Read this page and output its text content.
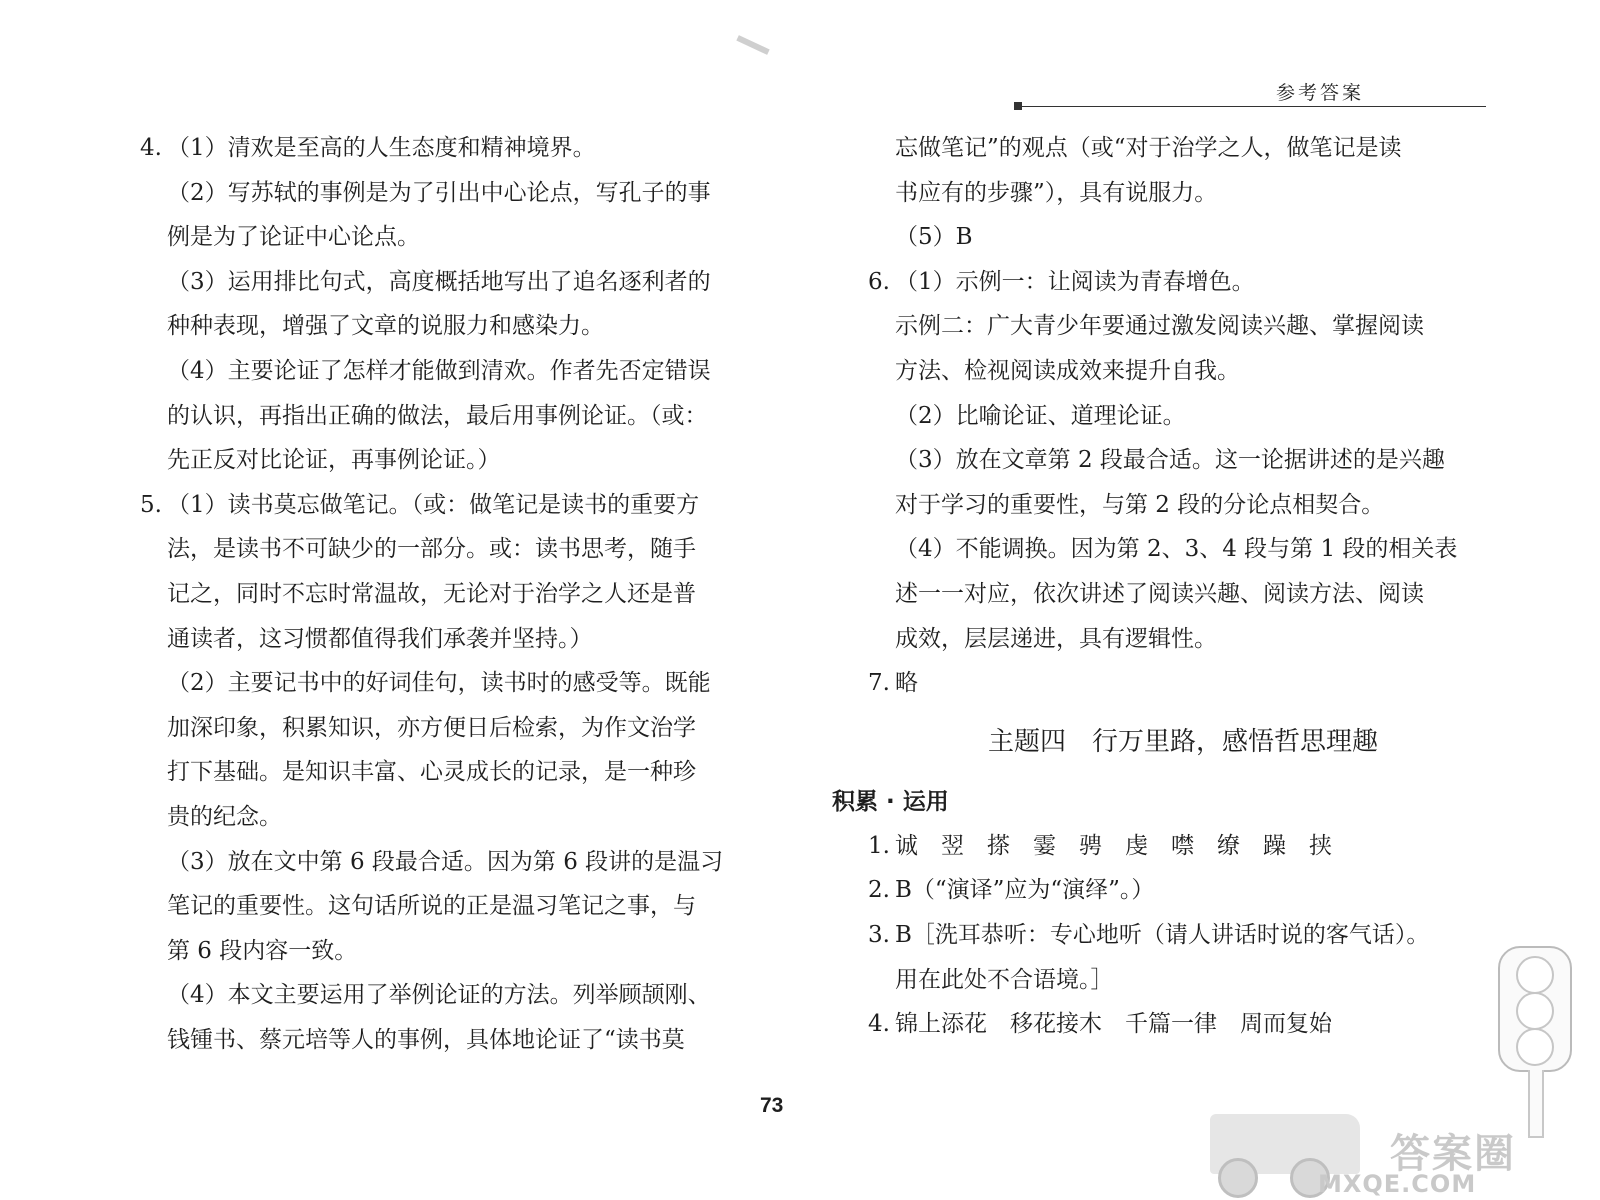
参考答案
4. （1）清欢是至高的人生态度和精神境界。
（2）写苏轼的事例是为了引出中心论点，写孔子的事
例是为了论证中心论点。
（3）运用排比句式，高度概括地写出了追名逐利者的
种种表现，增强了文章的说服力和感染力。
（4）主要论证了怎样才能做到清欢。作者先否定错误
的认识，再指出正确的做法，最后用事例论证。（或：
先正反对比论证，再事例论证。）
5. （1）读书莫忘做笔记。（或：做笔记是读书的重要方
法，是读书不可缺少的一部分。或：读书思考，随手
记之，同时不忘时常温故，无论对于治学之人还是普
通读者，这习惯都值得我们承袭并坚持。）
（2）主要记书中的好词佳句，读书时的感受等。既能
加深印象，积累知识，亦方便日后检索，为作文治学
打下基础。是知识丰富、心灵成长的记录，是一种珍
贵的纪念。
（3）放在文中第 6 段最合适。因为第 6 段讲的是温习
笔记的重要性。这句话所说的正是温习笔记之事，与
第 6 段内容一致。
（4）本文主要运用了举例论证的方法。列举顾颉刚、
钱锺书、蔡元培等人的事例，具体地论证了“读书莫
忘做笔记”的观点（或“对于治学之人，做笔记是读
书应有的步骤”），具有说服力。
（5）B
6. （1）示例一：让阅读为青春增色。
示例二：广大青少年要通过激发阅读兴趣、掌握阅读
方法、检视阅读成效来提升自我。
（2）比喻论证、道理论证。
（3）放在文章第 2 段最合适。这一论据讲述的是兴趣
对于学习的重要性，与第 2 段的分论点相契合。
（4）不能调换。因为第 2、3、4 段与第 1 段的相关表
述一一对应，依次讲述了阅读兴趣、阅读方法、阅读
成效，层层递进，具有逻辑性。
7. 略
主题四　行万里路，感悟哲思理趣
积累 · 运用
1. 诚　翌　搽　霎　骋　虔　噤　缭　躁　挟
2. B（“演译”应为“演绎”。）
3. B［洗耳恭听：专心地听（请人讲话时说的客气话）。
用在此处不合语境。］
4. 锦上添花　移花接木　千篇一律　周而复始
73
答案圈
MXQE.COM
